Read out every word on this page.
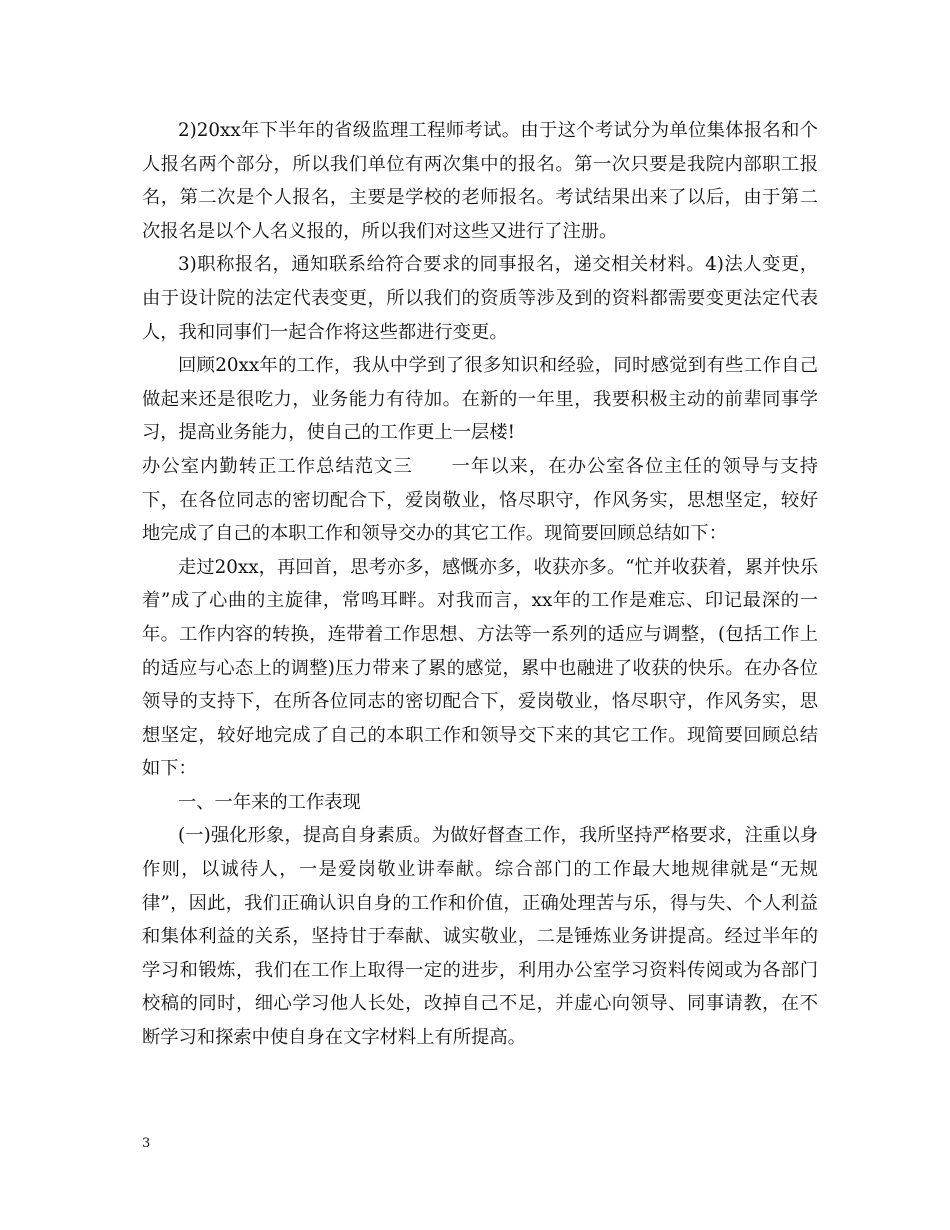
2)20xx年下半年的省级监理工程师考试。由于这个考试分为单位集体报名和个人报名两个部分，所以我们单位有两次集中的报名。第一次只要是我院内部职工报名，第二次是个人报名，主要是学校的老师报名。考试结果出来了以后，由于第二次报名是以个人名义报的，所以我们对这些又进行了注册。

3)职称报名，通知联系给符合要求的同事报名，递交相关材料。4)法人变更，由于设计院的法定代表变更，所以我们的资质等涉及到的资料都需要变更法定代表人，我和同事们一起合作将这些都进行变更。

回顾20xx年的工作，我从中学到了很多知识和经验，同时感觉到有些工作自己做起来还是很吃力，业务能力有待加。在新的一年里，我要积极主动的前辈同事学习，提高业务能力，使自己的工作更上一层楼!

办公室内勤转正工作总结范文三　　一年以来，在办公室各位主任的领导与支持下，在各位同志的密切配合下，爱岗敬业，恪尽职守，作风务实，思想坚定，较好地完成了自己的本职工作和领导交办的其它工作。现简要回顾总结如下：

走过20xx，再回首，思考亦多，感慨亦多，收获亦多。“忙并收获着，累并快乐着”成了心曲的主旋律，常鸣耳畔。对我而言，xx年的工作是难忘、印记最深的一年。工作内容的转换，连带着工作思想、方法等一系列的适应与调整，(包括工作上的适应与心态上的调整)压力带来了累的感觉，累中也融进了收获的快乐。在办各位领导的支持下，在所各位同志的密切配合下，爱岗敬业，恪尽职守，作风务实，思想坚定，较好地完成了自己的本职工作和领导交下来的其它工作。现简要回顾总结如下：

一、一年来的工作表现

(一)强化形象，提高自身素质。为做好督查工作，我所坚持严格要求，注重以身作则，以诚待人，一是爱岗敬业讲奉献。综合部门的工作最大地规律就是“无规律”，因此，我们正确认识自身的工作和价值，正确处理苦与乐，得与失、个人利益和集体利益的关系，坚持甘于奉献、诚实敬业，二是锤炼业务讲提高。经过半年的学习和锻炼，我们在工作上取得一定的进步，利用办公室学习资料传阅或为各部门校稿的同时，细心学习他人长处，改掉自己不足，并虚心向领导、同事请教，在不断学习和探索中使自身在文字材料上有所提高。

3
